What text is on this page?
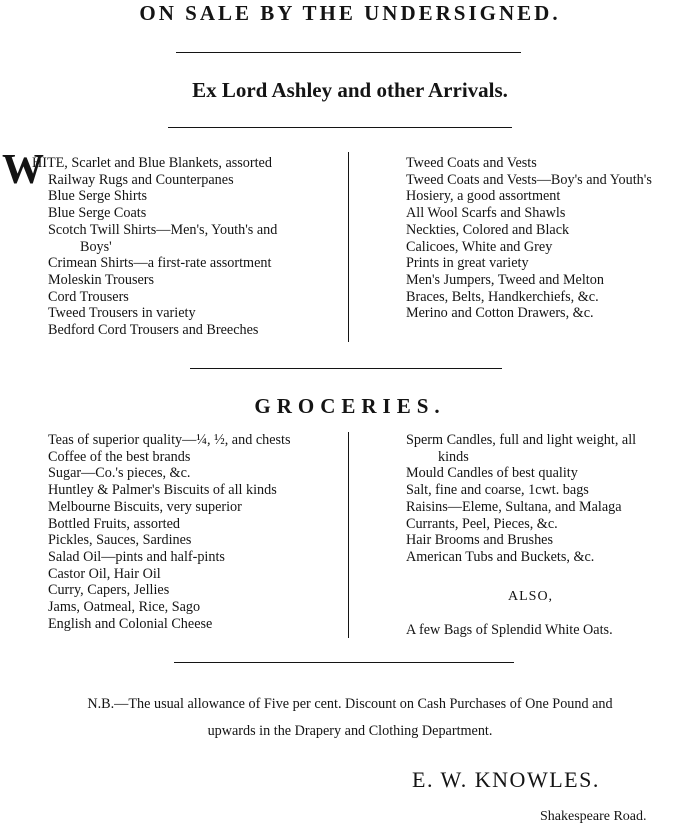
ON SALE BY THE UNDERSIGNED.
Ex Lord Ashley and other Arrivals.
W
HITE, Scarlet and Blue Blankets, assorted
Railway Rugs and Counterpanes
Blue Serge Shirts
Blue Serge Coats
Scotch Twill Shirts—Men's, Youth's and
Boys'
Crimean Shirts—a first-rate assortment
Moleskin Trousers
Cord Trousers
Tweed Trousers in variety
Bedford Cord Trousers and Breeches
Tweed Coats and Vests
Tweed Coats and Vests—Boy's and Youth's
Hosiery, a good assortment
All Wool Scarfs and Shawls
Neckties, Colored and Black
Calicoes, White and Grey
Prints in great variety
Men's Jumpers, Tweed and Melton
Braces, Belts, Handkerchiefs, &c.
Merino and Cotton Drawers, &c.
GROCERIES.
Teas of superior quality—¼, ½, and chests
Coffee of the best brands
Sugar—Co.'s pieces, &c.
Huntley & Palmer's Biscuits of all kinds
Melbourne Biscuits, very superior
Bottled Fruits, assorted
Pickles, Sauces, Sardines
Salad Oil—pints and half-pints
Castor Oil, Hair Oil
Curry, Capers, Jellies
Jams, Oatmeal, Rice, Sago
English and Colonial Cheese
Sperm Candles, full and light weight, all
kinds
Mould Candles of best quality
Salt, fine and coarse, 1cwt. bags
Raisins—Eleme, Sultana, and Malaga
Currants, Peel, Pieces, &c.
Hair Brooms and Brushes
American Tubs and Buckets, &c.
ALSO,
A few Bags of Splendid White Oats.
N.B.—The usual allowance of Five per cent. Discount on Cash Purchases of One Pound and
upwards in the Drapery and Clothing Department.
E. W. KNOWLES.
Shakespeare Road.
